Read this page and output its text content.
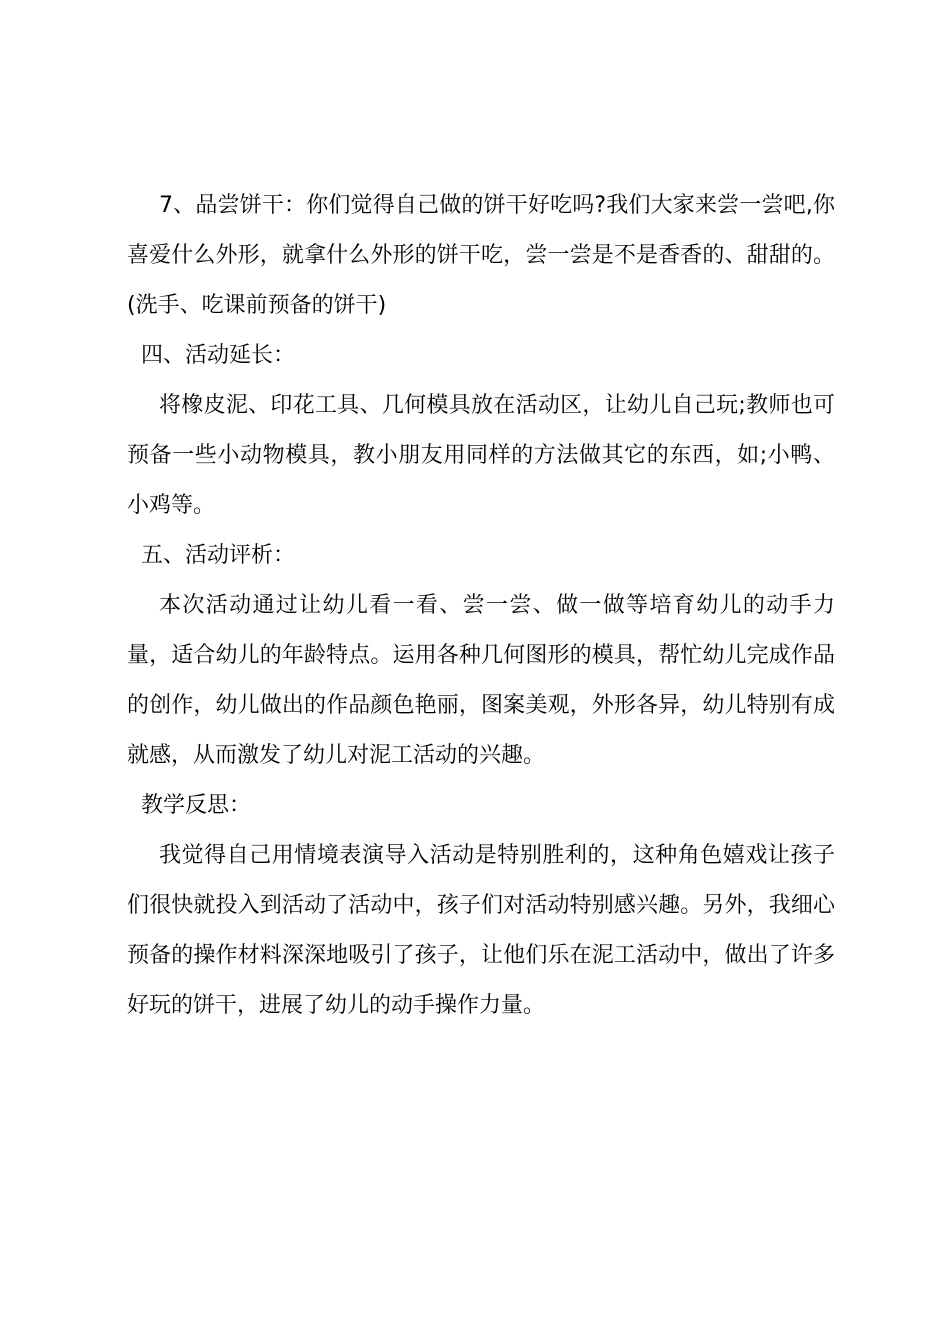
7、品尝饼干：你们觉得自己做的饼干好吃吗?我们大家来尝一尝吧,你喜爱什么外形，就拿什么外形的饼干吃，尝一尝是不是香香的、甜甜的。(洗手、吃课前预备的饼干)

四、活动延长：

将橡皮泥、印花工具、几何模具放在活动区，让幼儿自己玩;教师也可预备一些小动物模具，教小朋友用同样的方法做其它的东西，如;小鸭、小鸡等。

五、活动评析：

本次活动通过让幼儿看一看、尝一尝、做一做等培育幼儿的动手力量，适合幼儿的年龄特点。运用各种几何图形的模具，帮忙幼儿完成作品的创作，幼儿做出的作品颜色艳丽，图案美观，外形各异，幼儿特别有成就感，从而激发了幼儿对泥工活动的兴趣。

教学反思：

我觉得自己用情境表演导入活动是特别胜利的，这种角色嬉戏让孩子们很快就投入到活动了活动中，孩子们对活动特别感兴趣。另外，我细心预备的操作材料深深地吸引了孩子，让他们乐在泥工活动中，做出了许多好玩的饼干，进展了幼儿的动手操作力量。
